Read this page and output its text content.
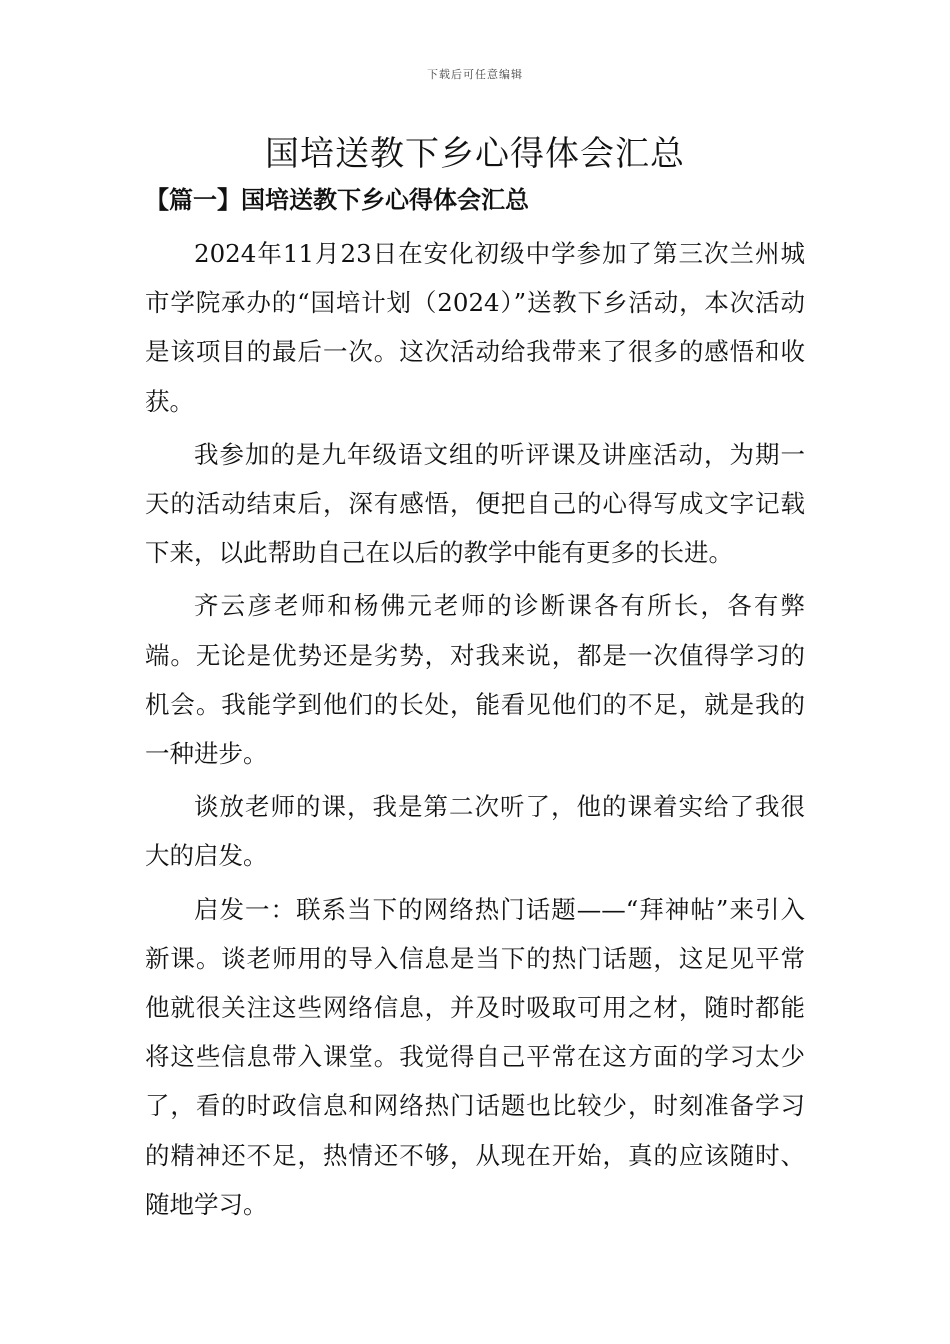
下载后可任意编辑
国培送教下乡心得体会汇总
【篇一】国培送教下乡心得体会汇总

2024年11月23日在安化初级中学参加了第三次兰州城市学院承办的“国培计划（2024）”送教下乡活动，本次活动是该项目的最后一次。这次活动给我带来了很多的感悟和收获。

我参加的是九年级语文组的听评课及讲座活动，为期一天的活动结束后，深有感悟，便把自己的心得写成文字记载下来，以此帮助自己在以后的教学中能有更多的长进。

齐云彦老师和杨佛元老师的诊断课各有所长，各有弊端。无论是优势还是劣势，对我来说，都是一次值得学习的机会。我能学到他们的长处，能看见他们的不足，就是我的一种进步。

谈放老师的课，我是第二次听了，他的课着实给了我很大的启发。

启发一：联系当下的网络热门话题——“拜神帖”来引入新课。谈老师用的导入信息是当下的热门话题，这足见平常他就很关注这些网络信息，并及时吸取可用之材，随时都能将这些信息带入课堂。我觉得自己平常在这方面的学习太少了，看的时政信息和网络热门话题也比较少，时刻准备学习的精神还不足，热情还不够，从现在开始，真的应该随时、随地学习。
